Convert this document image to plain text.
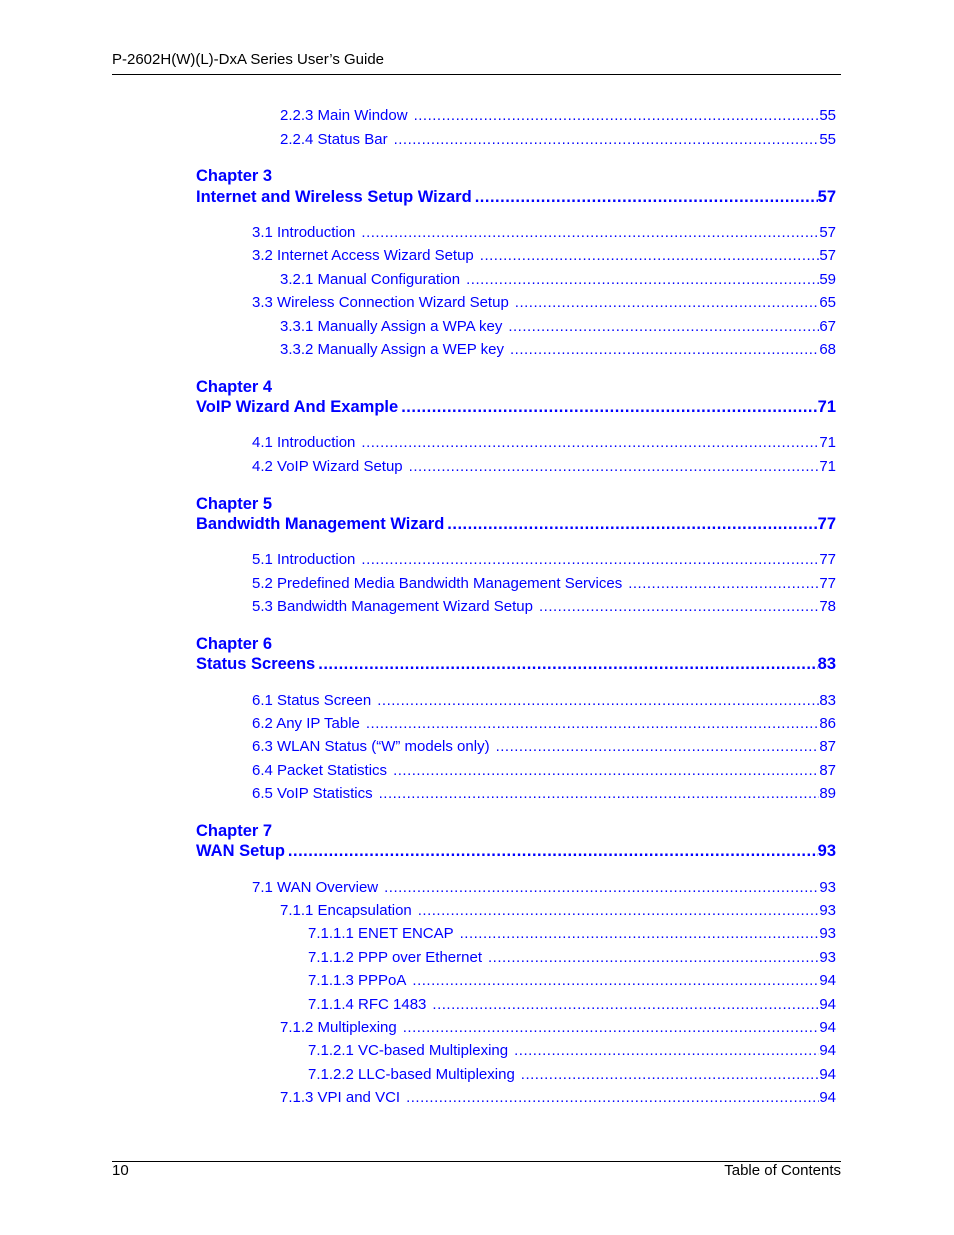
P-2602H(W)(L)-DxA Series User’s Guide
2.2.3 Main Window .....	55
2.2.4 Status Bar .....	55
Chapter 3
Internet and Wireless Setup Wizard .....	57
3.1 Introduction .....	57
3.2 Internet Access Wizard Setup .....	57
3.2.1 Manual Configuration .....	59
3.3 Wireless Connection Wizard Setup .....	65
3.3.1 Manually Assign a WPA key .....	67
3.3.2 Manually Assign a WEP key .....	68
Chapter 4
VoIP Wizard And Example .....	71
4.1 Introduction .....	71
4.2 VoIP Wizard Setup .....	71
Chapter 5
Bandwidth Management Wizard .....	77
5.1 Introduction .....	77
5.2 Predefined Media Bandwidth Management Services .....	77
5.3 Bandwidth Management Wizard Setup .....	78
Chapter 6
Status Screens .....	83
6.1 Status Screen .....	83
6.2 Any IP Table .....	86
6.3 WLAN Status (“W” models only) .....	87
6.4 Packet Statistics .....	87
6.5 VoIP Statistics .....	89
Chapter 7
WAN Setup .....	93
7.1 WAN Overview .....	93
7.1.1 Encapsulation .....	93
7.1.1.1 ENET ENCAP .....	93
7.1.1.2 PPP over Ethernet .....	93
7.1.1.3 PPPoA .....	94
7.1.1.4 RFC 1483 .....	94
7.1.2 Multiplexing .....	94
7.1.2.1 VC-based Multiplexing .....	94
7.1.2.2 LLC-based Multiplexing .....	94
7.1.3 VPI and VCI .....	94
10	Table of Contents
